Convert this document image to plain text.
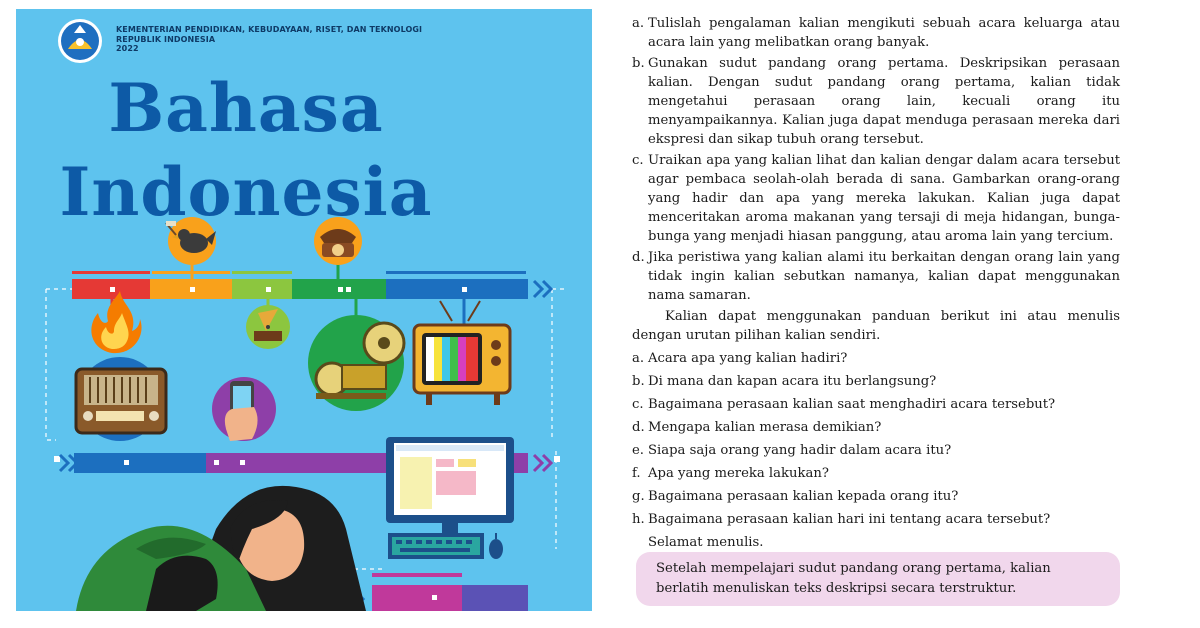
KEMENTERIAN PENDIDIKAN, KEBUDAYAAN, RISET, DAN TEKNOLOGI
REPUBLIK INDONESIA
2022
Bahasa
Indonesia
a. Tulislah pengalaman kalian mengikuti sebuah acara keluarga atau acara lain yang melibatkan orang banyak.
b. Gunakan sudut pandang orang pertama. Deskripsikan perasaan kalian. Dengan sudut pandang orang pertama, kalian tidak mengetahui perasaan orang lain, kecuali orang itu menyampaikannya. Kalian juga dapat menduga perasaan mereka dari ekspresi dan sikap tubuh orang tersebut.
c. Uraikan apa yang kalian lihat dan kalian dengar dalam acara tersebut agar pembaca seolah-olah berada di sana. Gambarkan orang-orang yang hadir dan apa yang mereka lakukan. Kalian juga dapat menceritakan aroma makanan yang tersaji di meja hidangan, bunga-bunga yang menjadi hiasan panggung, atau aroma lain yang tercium.
d. Jika peristiwa yang kalian alami itu berkaitan dengan orang lain yang tidak ingin kalian sebutkan namanya, kalian dapat menggunakan nama samaran.

Kalian dapat menggunakan panduan berikut ini atau menulis dengan urutan pilihan kalian sendiri.

a. Acara apa yang kalian hadiri?
b. Di mana dan kapan acara itu berlangsung?
c. Bagaimana perasaan kalian saat menghadiri acara tersebut?
d. Mengapa kalian merasa demikian?
e. Siapa saja orang yang hadir dalam acara itu?
f. Apa yang mereka lakukan?
g. Bagaimana perasaan kalian kepada orang itu?
h. Bagaimana perasaan kalian hari ini tentang acara tersebut?

Selamat menulis.

Setelah mempelajari sudut pandang orang pertama, kalian berlatih menuliskan teks deskripsi secara terstruktur.
